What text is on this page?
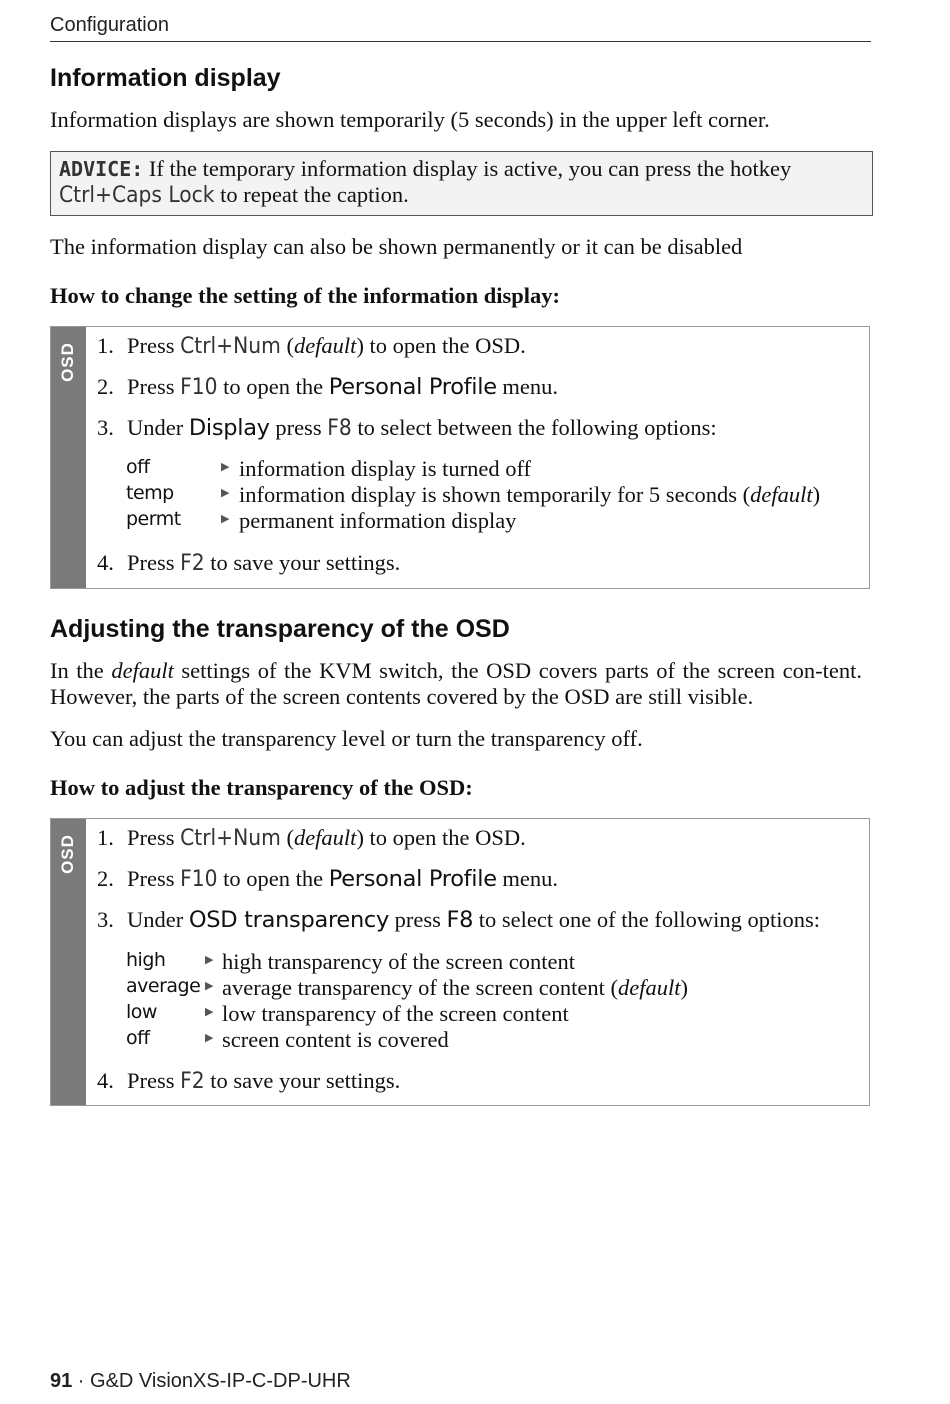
Configuration
Information display

Information displays are shown temporarily (5 seconds) in the upper left corner.

ADVICE: If the temporary information display is active, you can press the hotkey Ctrl+Caps Lock to repeat the caption.

The information display can also be shown permanently or it can be disabled

How to change the setting of the information display:

OSD 1. Press Ctrl+Num (default) to open the OSD.
2. Press F10 to open the Personal Profile menu.
3. Under Display press F8 to select between the following options:
off	▶ information display is turned off
temp	▶ information display is shown temporarily for 5 seconds (default)
permt	▶ permanent information display
4. Press F2 to save your settings.
Adjusting the transparency of the OSD

In the default settings of the KVM switch, the OSD covers parts of the screen con-tent. However, the parts of the screen contents covered by the OSD are still visible.

You can adjust the transparency level or turn the transparency off.

How to adjust the transparency of the OSD:

OSD 1. Press Ctrl+Num (default) to open the OSD.
2. Press F10 to open the Personal Profile menu.
3. Under OSD transparency press F8 to select one of the following options:
high	▶ high transparency of the screen content
average ▶ average transparency of the screen content (default)
low	▶ low transparency of the screen content
off	▶ screen content is covered
4. Press F2 to save your settings.
91 · G&D VisionXS-IP-C-DP-UHR
